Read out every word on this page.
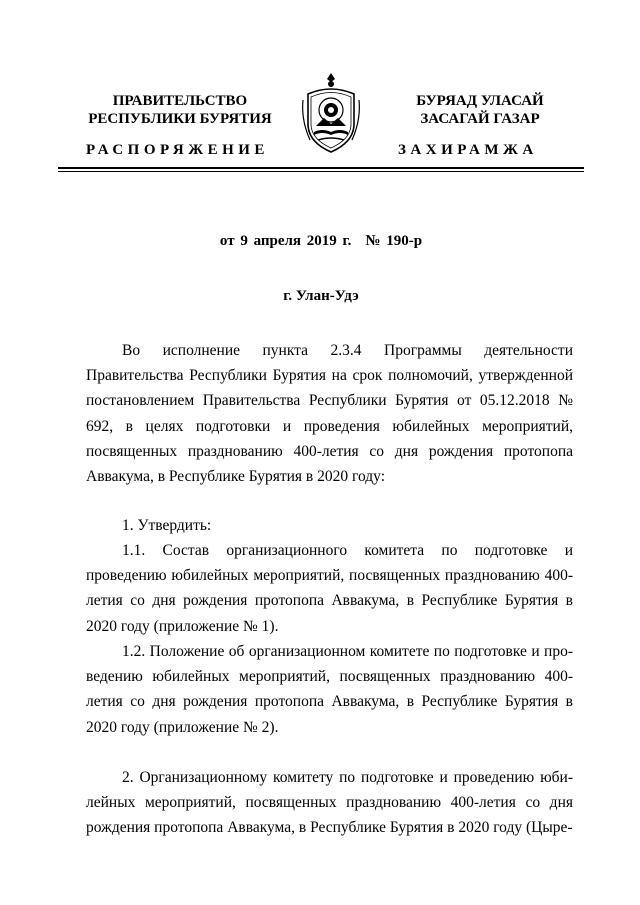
ПРАВИТЕЛЬСТВО
РЕСПУБЛИКИ БУРЯТИЯ
БУРЯАД УЛАСАЙ
ЗАСАГАЙ ГАЗАР
РАСПОРЯЖЕНИЕ	ЗАХИРАМЖА
от 9 апреля 2019 г. № 190-р
г. Улан-Удэ

Во исполнение пункта 2.3.4 Программы деятельности Правительства Республики Бурятия на срок полномочий, утвержденной постановлением Правительства Республики Бурятия от 05.12.2018 № 692, в целях подготовки и проведения юбилейных мероприятий, посвященных празднованию 400-летия со дня рождения протопопа Аввакума, в Республике Бурятия в 2020 году:

1. Утвердить:

1.1. Состав организационного комитета по подготовке и проведению юбилейных мероприятий, посвященных празднованию 400-летия со дня рождения протопопа Аввакума, в Республике Бурятия в 2020 году (приложение № 1).

1.2. Положение об организационном комитете по подготовке и проведению юбилейных мероприятий, посвященных празднованию 400-летия со дня рождения протопопа Аввакума, в Республике Бурятия в 2020 году (приложение № 2).

2. Организационному комитету по подготовке и проведению юбилейных мероприятий, посвященных празднованию 400-летия со дня рождения протопопа Аввакума, в Республике Бурятия в 2020 году (Цыре-
